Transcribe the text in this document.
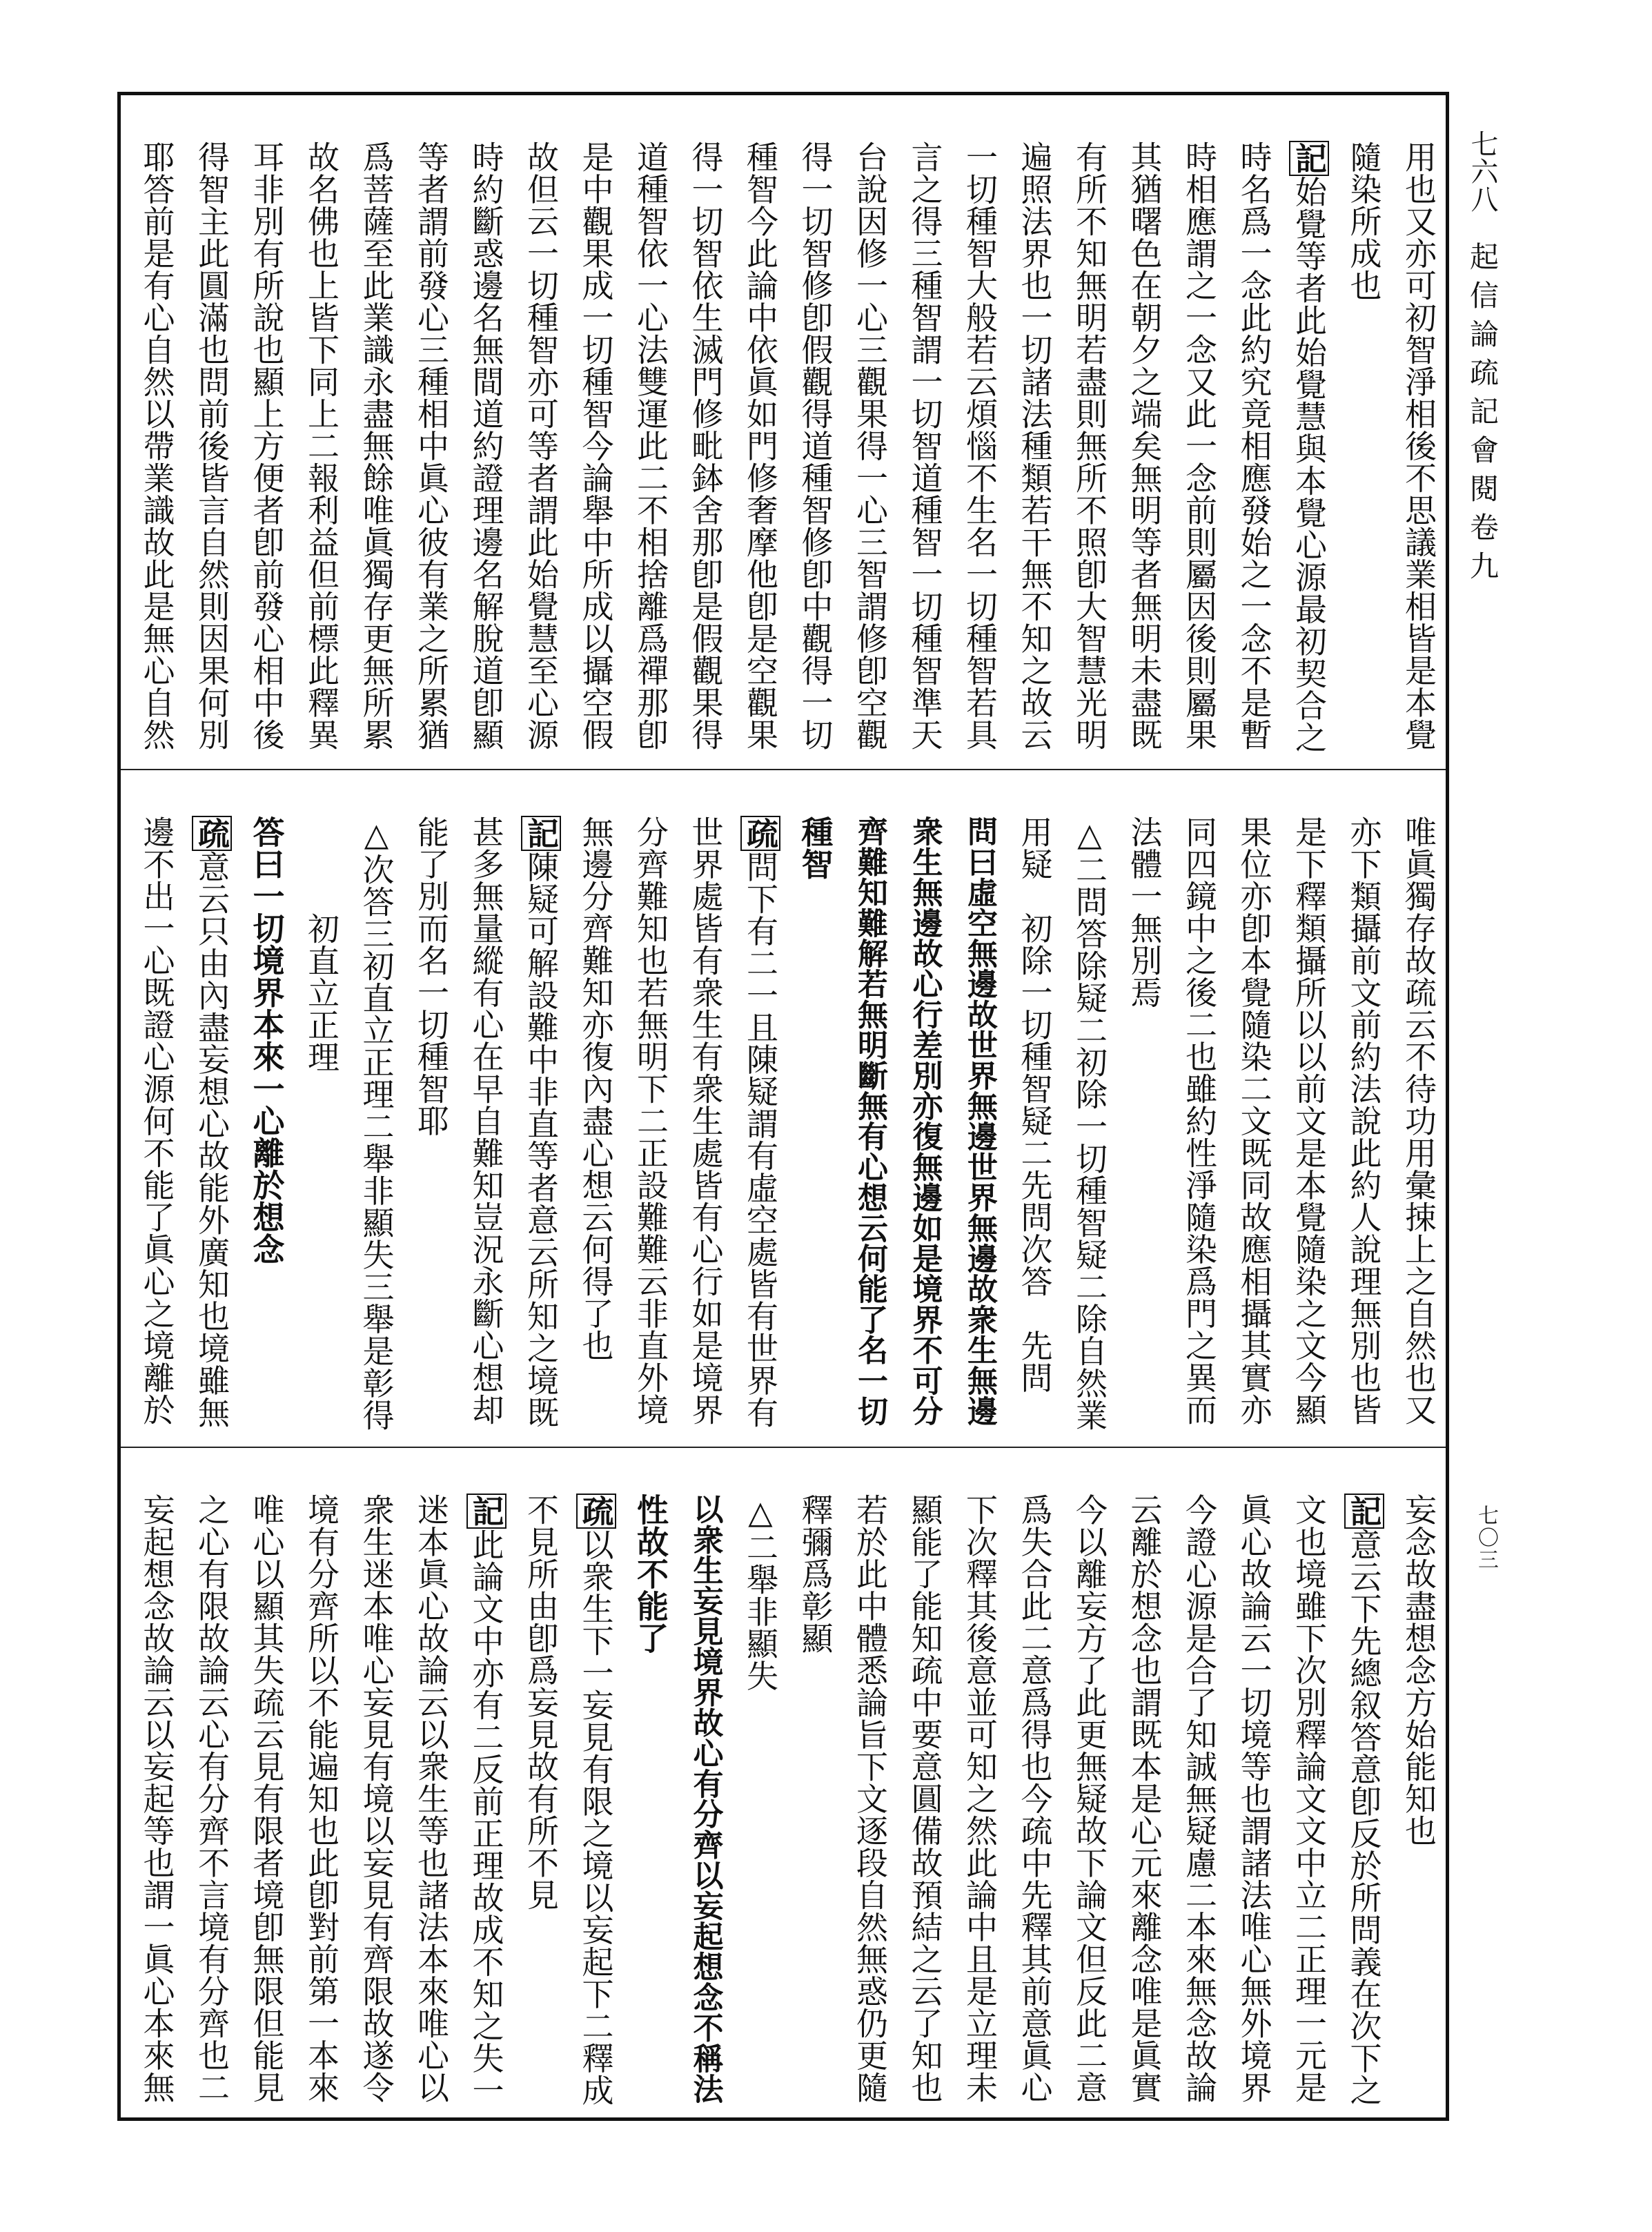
七六八
起信論疏記會閱卷九
七〇三
用也又亦可初智淨相後不思議業相皆是本覺
隨染所成也
記始覺等者此始覺慧與本覺心源最初契合之
時名爲一念此約究竟相應發始之一念不是暫
時相應謂之一念又此一念前則屬因後則屬果
其猶曙色在朝夕之端矣無明等者無明未盡既
有所不知無明若盡則無所不照卽大智慧光明
遍照法界也一切諸法種類若干無不知之故云
一切種智大般若云煩惱不生名一切種智若具
言之得三種智謂一切智道種智一切種智準天
台說因修一心三觀果得一心三智謂修卽空觀
得一切智修卽假觀得道種智修卽中觀得一切
種智今此論中依眞如門修奢摩他卽是空觀果
得一切智依生滅門修毗鉢舍那卽是假觀果得
道種智依一心法雙運此二不相捨離爲禪那卽
是中觀果成一切種智今論舉中所成以攝空假
故但云一切種智亦可等者謂此始覺慧至心源
時約斷惑邊名無間道約證理邊名解脫道卽顯
等者謂前發心三種相中眞心彼有業之所累猶
爲菩薩至此業識永盡無餘唯眞獨存更無所累
故名佛也上皆下同上二報利益但前標此釋異
耳非別有所說也顯上方便者卽前發心相中後
得智主此圓滿也問前後皆言自然則因果何別
耶答前是有心自然以帶業識故此是無心自然
唯眞獨存故疏云不待功用彙捒上之自然也又
亦下類攝前文前約法說此約人說理無別也皆
是下釋類攝所以以前文是本覺隨染之文今顯
果位亦卽本覺隨染二文既同故應相攝其實亦
同四鏡中之後二也雖約性淨隨染爲門之異而
法體一無別焉
△二問答除疑二初除一切種智疑二除自然業
用疑　初除一切種智疑二先問次答　先問
問曰虛空無邊故世界無邊世界無邊故衆生無邊
衆生無邊故心行差別亦復無邊如是境界不可分
齊難知難解若無明斷無有心想云何能了名一切
種智
疏問下有二一且陳疑謂有虛空處皆有世界有
世界處皆有衆生有衆生處皆有心行如是境界
分齊難知也若無明下二正設難難云非直外境
無邊分齊難知亦復內盡心想云何得了也
記陳疑可解設難中非直等者意云所知之境既
甚多無量縱有心在早自難知豈況永斷心想却
能了別而名一切種智耶
△次答三初直立正理二舉非顯失三舉是彰得
初直立正理
答曰一切境界本來一心離於想念
疏意云只由內盡妄想心故能外廣知也境雖無
邊不出一心既證心源何不能了眞心之境離於
妄念故盡想念方始能知也
記意云下先總叙答意卽反於所問義在次下之
文也境雖下次別釋論文文中立二正理一元是
眞心故論云一切境等也謂諸法唯心無外境界
今證心源是合了知誠無疑慮二本來無念故論
云離於想念也謂既本是心元來離念唯是眞實
今以離妄方了此更無疑故下論文但反此二意
爲失合此二意爲得也今疏中先釋其前意眞心
下次釋其後意並可知之然此論中且是立理未
顯能了能知疏中要意圓備故預結之云了知也
若於此中體悉論旨下文逐段自然無惑仍更隨
釋彌爲彰顯
△二舉非顯失
以衆生妄見境界故心有分齊以妄起想念不稱法
性故不能了
疏以衆生下一妄見有限之境以妄起下二釋成
不見所由卽爲妄見故有所不見
記此論文中亦有二反前正理故成不知之失一
迷本眞心故論云以衆生等也諸法本來唯心以
衆生迷本唯心妄見有境以妄見有齊限故遂令
境有分齊所以不能遍知也此卽對前第一本來
唯心以顯其失疏云見有限者境卽無限但能見
之心有限故論云心有分齊不言境有分齊也二
妄起想念故論云以妄起等也謂一眞心本來無
